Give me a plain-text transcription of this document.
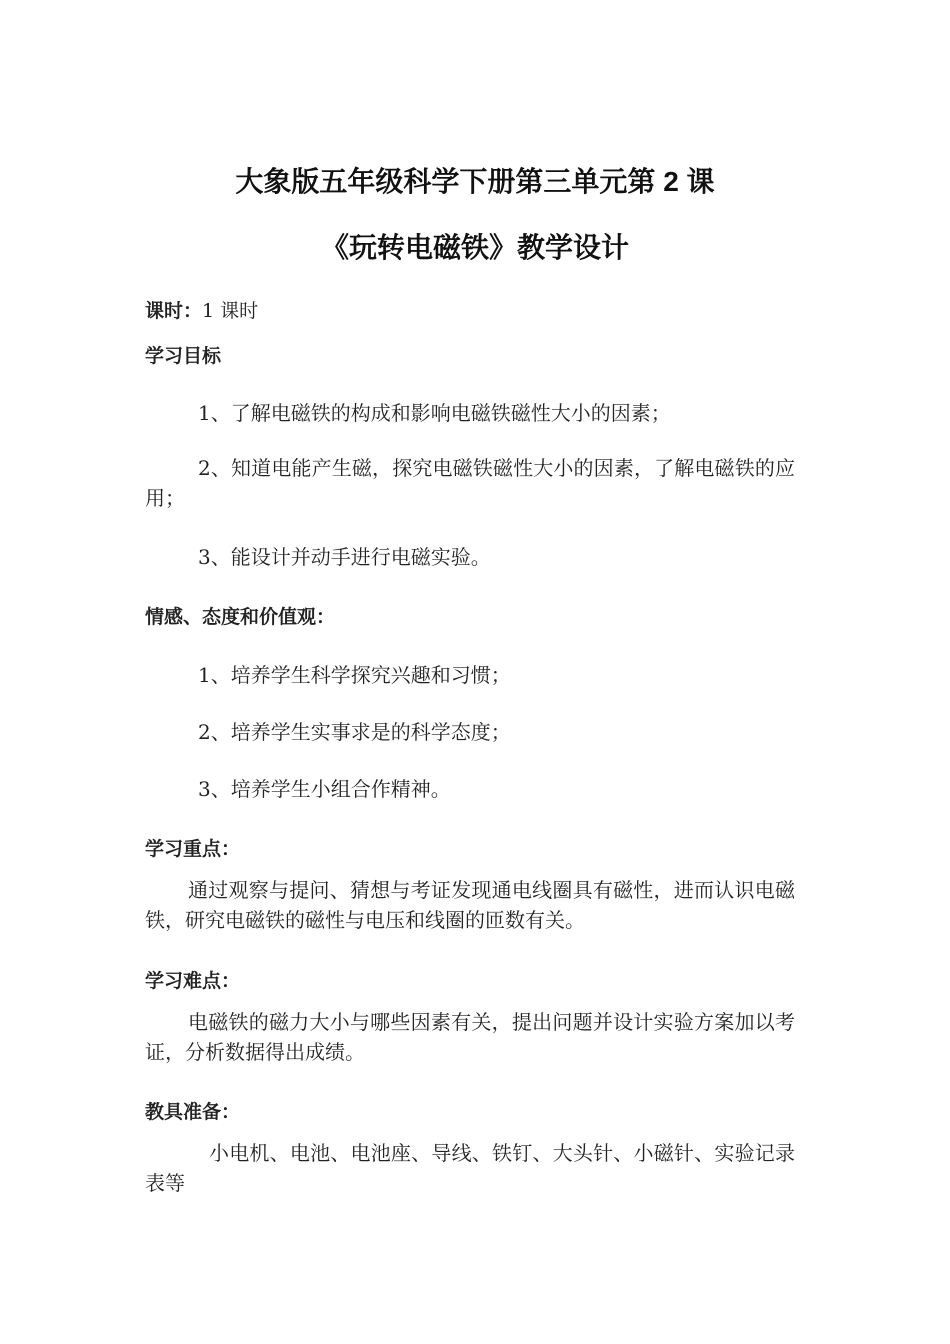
大象版五年级科学下册第三单元第 2 课
《玩转电磁铁》教学设计
课时：1 课时
学习目标
1、了解电磁铁的构成和影响电磁铁磁性大小的因素；
2、知道电能产生磁，探究电磁铁磁性大小的因素，了解电磁铁的应用；
3、能设计并动手进行电磁实验。
情感、态度和价值观：
1、培养学生科学探究兴趣和习惯；
2、培养学生实事求是的科学态度；
3、培养学生小组合作精神。
学习重点：
通过观察与提问、猜想与考证发现通电线圈具有磁性，进而认识电磁铁，研究电磁铁的磁性与电压和线圈的匝数有关。
学习难点：
电磁铁的磁力大小与哪些因素有关，提出问题并设计实验方案加以考证，分析数据得出成绩。
教具准备：
小电机、电池、电池座、导线、铁钉、大头针、小磁针、实验记录表等
